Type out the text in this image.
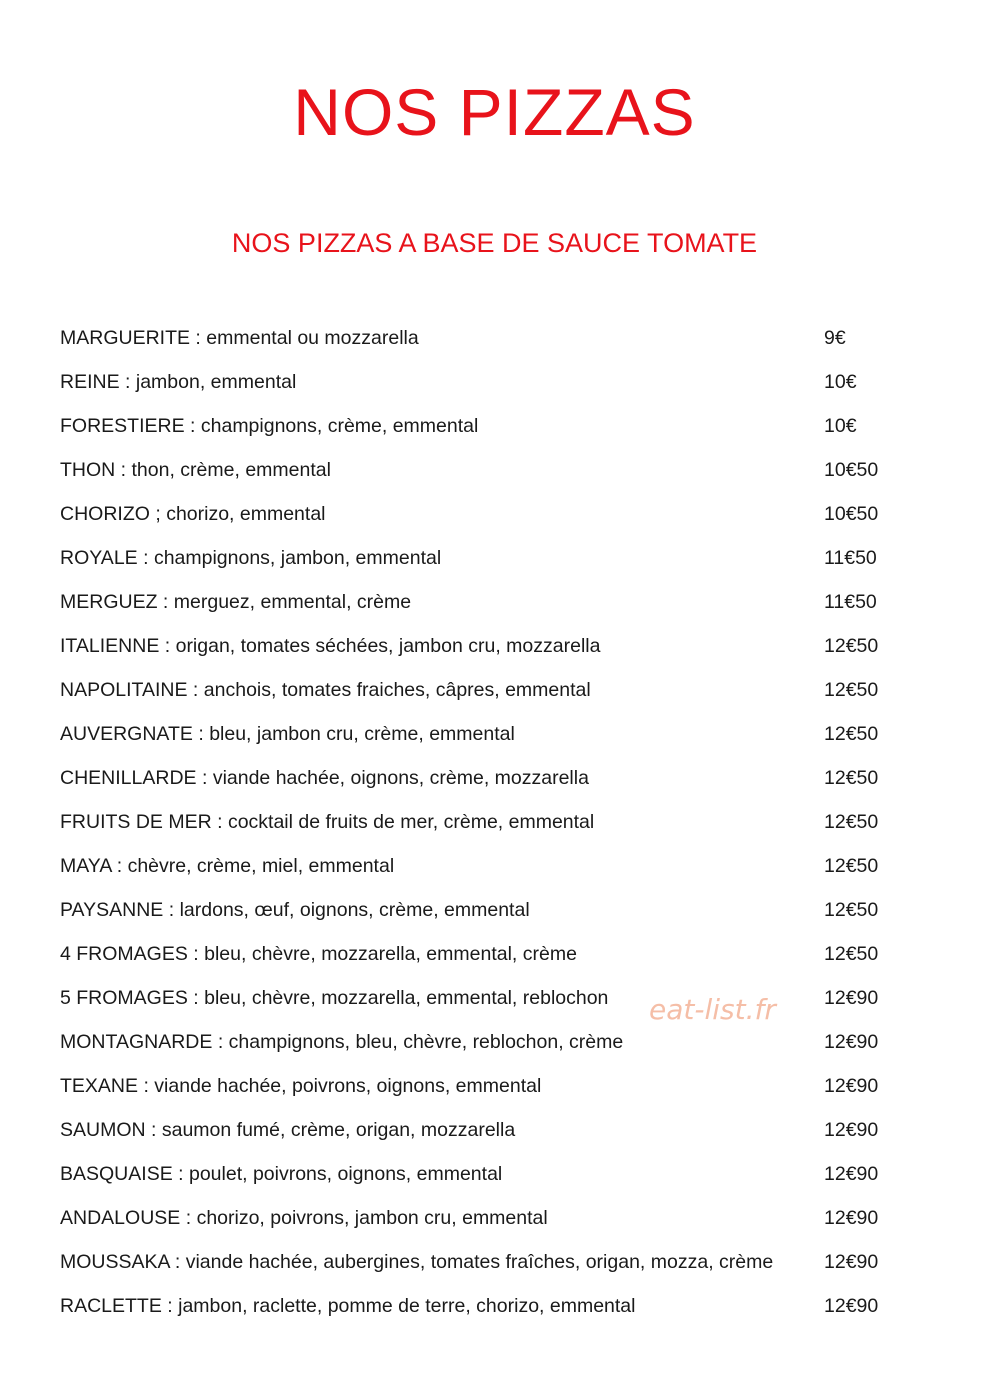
NOS PIZZAS
NOS PIZZAS A BASE DE SAUCE TOMATE
MARGUERITE : emmental ou mozzarella	9€
REINE : jambon, emmental	10€
FORESTIERE : champignons, crème, emmental	10€
THON : thon, crème, emmental	10€50
CHORIZO ; chorizo, emmental	10€50
ROYALE : champignons, jambon, emmental	11€50
MERGUEZ : merguez, emmental, crème	11€50
ITALIENNE : origan, tomates séchées, jambon cru, mozzarella	12€50
NAPOLITAINE : anchois, tomates fraiches, câpres, emmental	12€50
AUVERGNATE : bleu, jambon cru, crème, emmental	12€50
CHENILLARDE : viande hachée, oignons, crème, mozzarella	12€50
FRUITS DE MER : cocktail de fruits de mer, crème, emmental	12€50
MAYA : chèvre, crème, miel, emmental	12€50
PAYSANNE : lardons, œuf, oignons, crème, emmental	12€50
4 FROMAGES : bleu, chèvre, mozzarella, emmental, crème	12€50
5 FROMAGES : bleu, chèvre, mozzarella, emmental, reblochon	12€90
MONTAGNARDE : champignons, bleu, chèvre, reblochon, crème	12€90
TEXANE : viande hachée, poivrons, oignons, emmental	12€90
SAUMON : saumon fumé, crème, origan, mozzarella	12€90
BASQUAISE : poulet, poivrons, oignons, emmental	12€90
ANDALOUSE : chorizo, poivrons, jambon cru, emmental	12€90
MOUSSAKA : viande hachée, aubergines, tomates fraîches, origan, mozza, crème	12€90
RACLETTE : jambon, raclette, pomme de terre, chorizo, emmental	12€90
eat-list.fr
